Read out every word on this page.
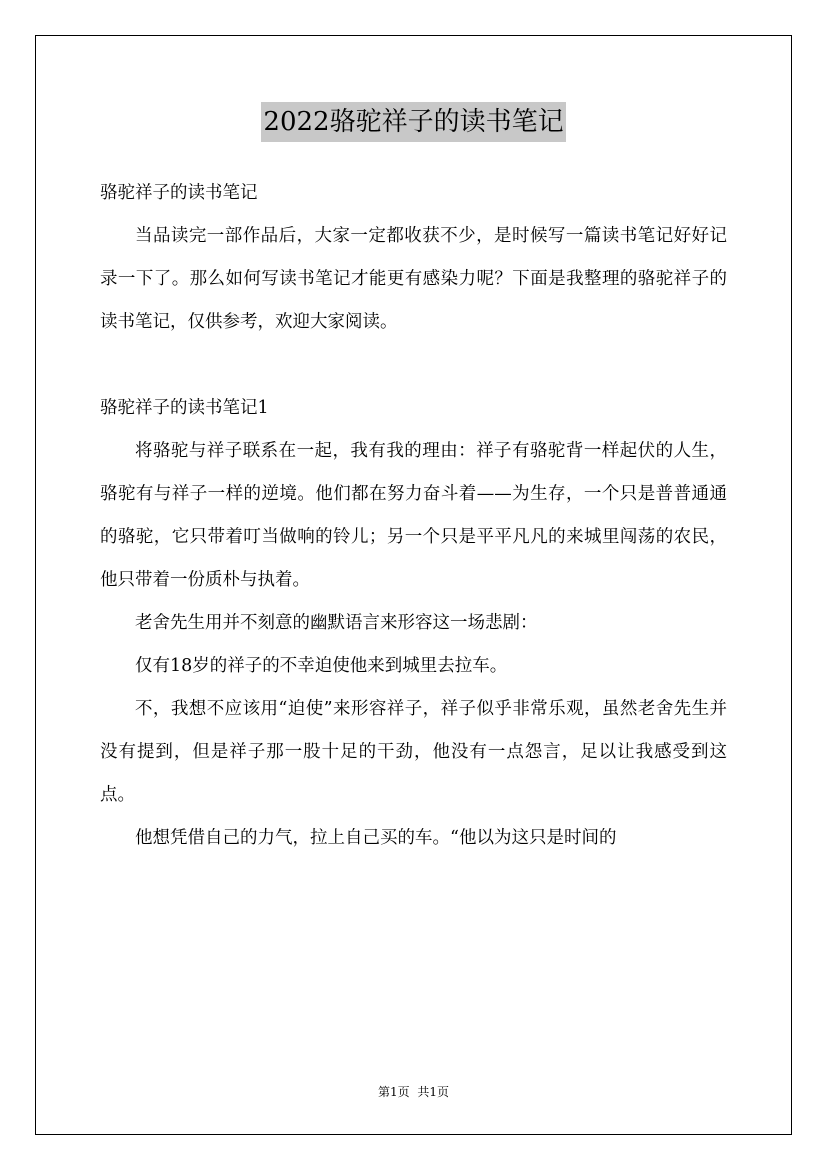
2022骆驼祥子的读书笔记

骆驼祥子的读书笔记

当品读完一部作品后，大家一定都收获不少，是时候写一篇读书笔记好好记录一下了。那么如何写读书笔记才能更有感染力呢？下面是我整理的骆驼祥子的读书笔记，仅供参考，欢迎大家阅读。

骆驼祥子的读书笔记1

将骆驼与祥子联系在一起，我有我的理由：祥子有骆驼背一样起伏的人生，骆驼有与祥子一样的逆境。他们都在努力奋斗着——为生存，一个只是普普通通的骆驼，它只带着叮当做响的铃儿；另一个只是平平凡凡的来城里闯荡的农民，他只带着一份质朴与执着。

老舍先生用并不刻意的幽默语言来形容这一场悲剧：

仅有18岁的祥子的不幸迫使他来到城里去拉车。

不，我想不应该用“迫使”来形容祥子，祥子似乎非常乐观，虽然老舍先生并没有提到，但是祥子那一股十足的干劲，他没有一点怨言，足以让我感受到这点。

他想凭借自己的力气，拉上自己买的车。“他以为这只是时间的

第1页 共1页
